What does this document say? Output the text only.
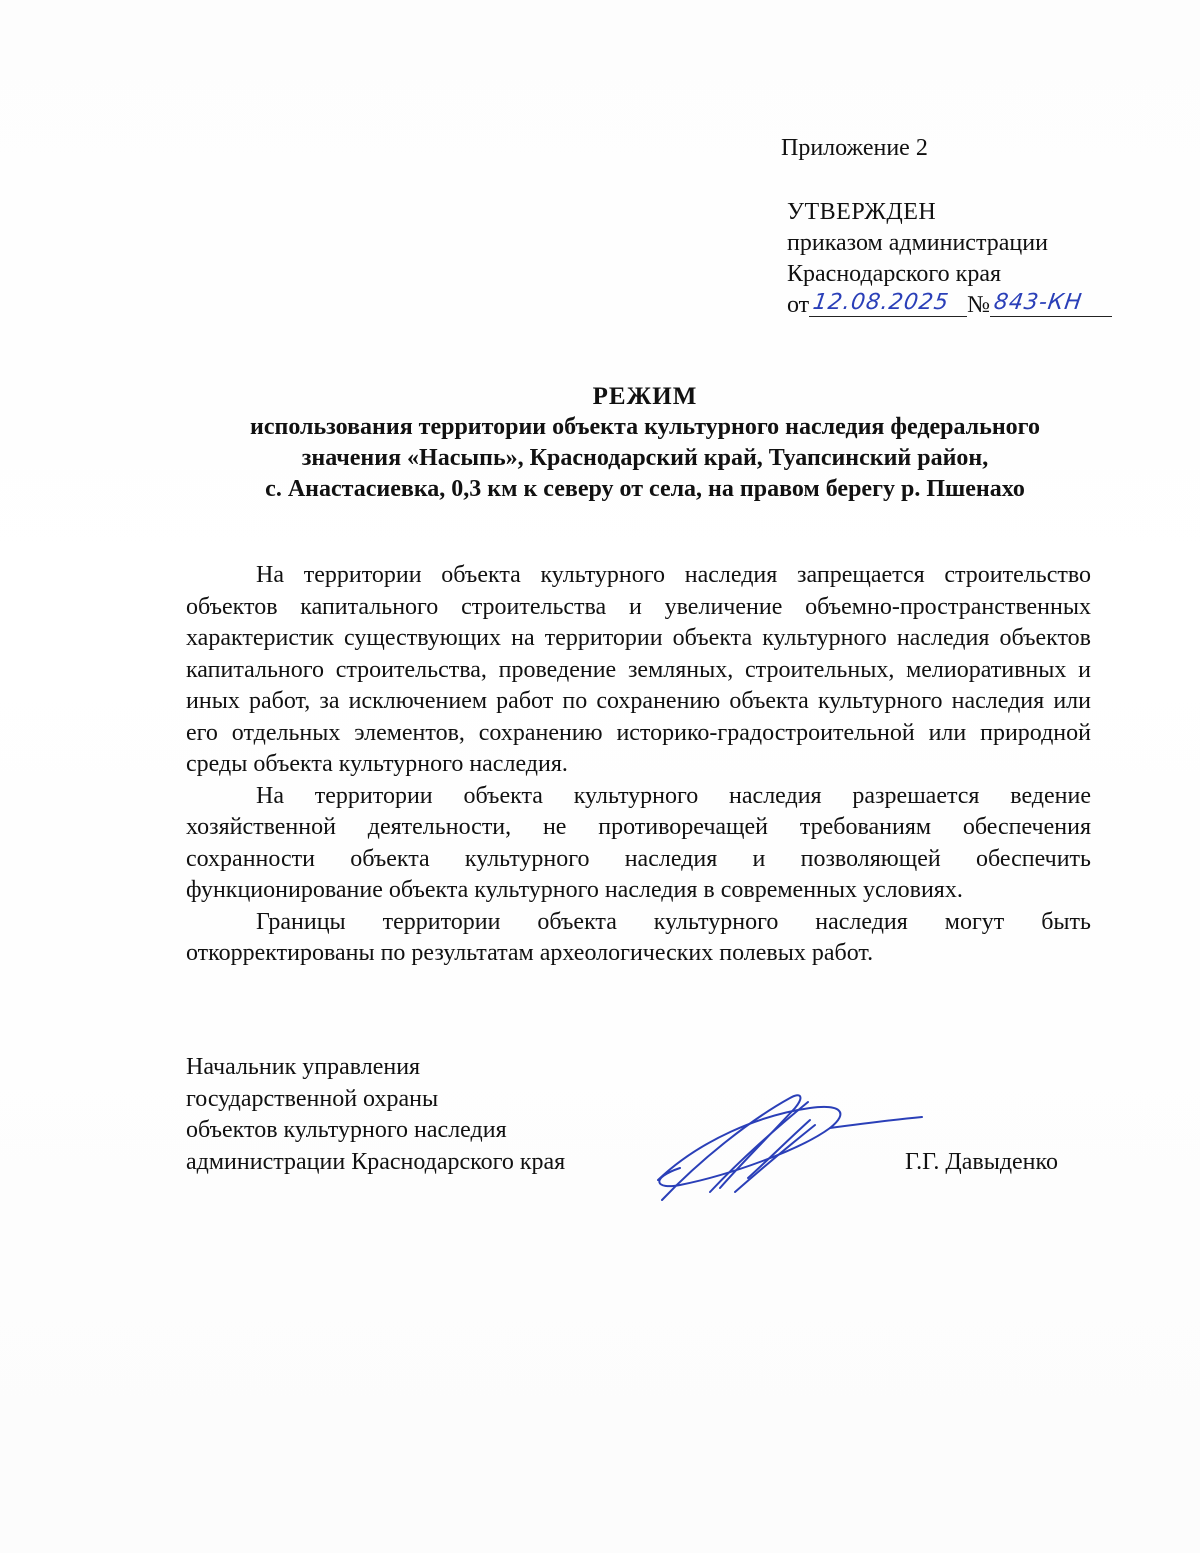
Приложение 2
УТВЕРЖДЕН
приказом администрации
Краснодарского края
от 12.08.2025 № 843-КН
РЕЖИМ
использования территории объекта культурного наследия федерального
значения «Насыпь», Краснодарский край, Туапсинский район,
с. Анастасиевка, 0,3 км к северу от села, на правом берегу р. Пшенахо

На территории объекта культурного наследия запрещается строительство объектов капитального строительства и увеличение объемно-пространственных характеристик существующих на территории объекта культурного наследия объектов капитального строительства, проведение земляных, строительных, мелиоративных и иных работ, за исключением работ по сохранению объекта культурного наследия или его отдельных элементов, сохранению историко-градостроительной или природной среды объекта культурного наследия.

На территории объекта культурного наследия разрешается ведение хозяйственной деятельности, не противоречащей требованиям обеспечения сохранности объекта культурного наследия и позволяющей обеспечить функционирование объекта культурного наследия в современных условиях.

Границы территории объекта культурного наследия могут быть откорректированы по результатам археологических полевых работ.

Начальник управления
государственной охраны
объектов культурного наследия
администрации Краснодарского края	Г.Г. Давыденко
